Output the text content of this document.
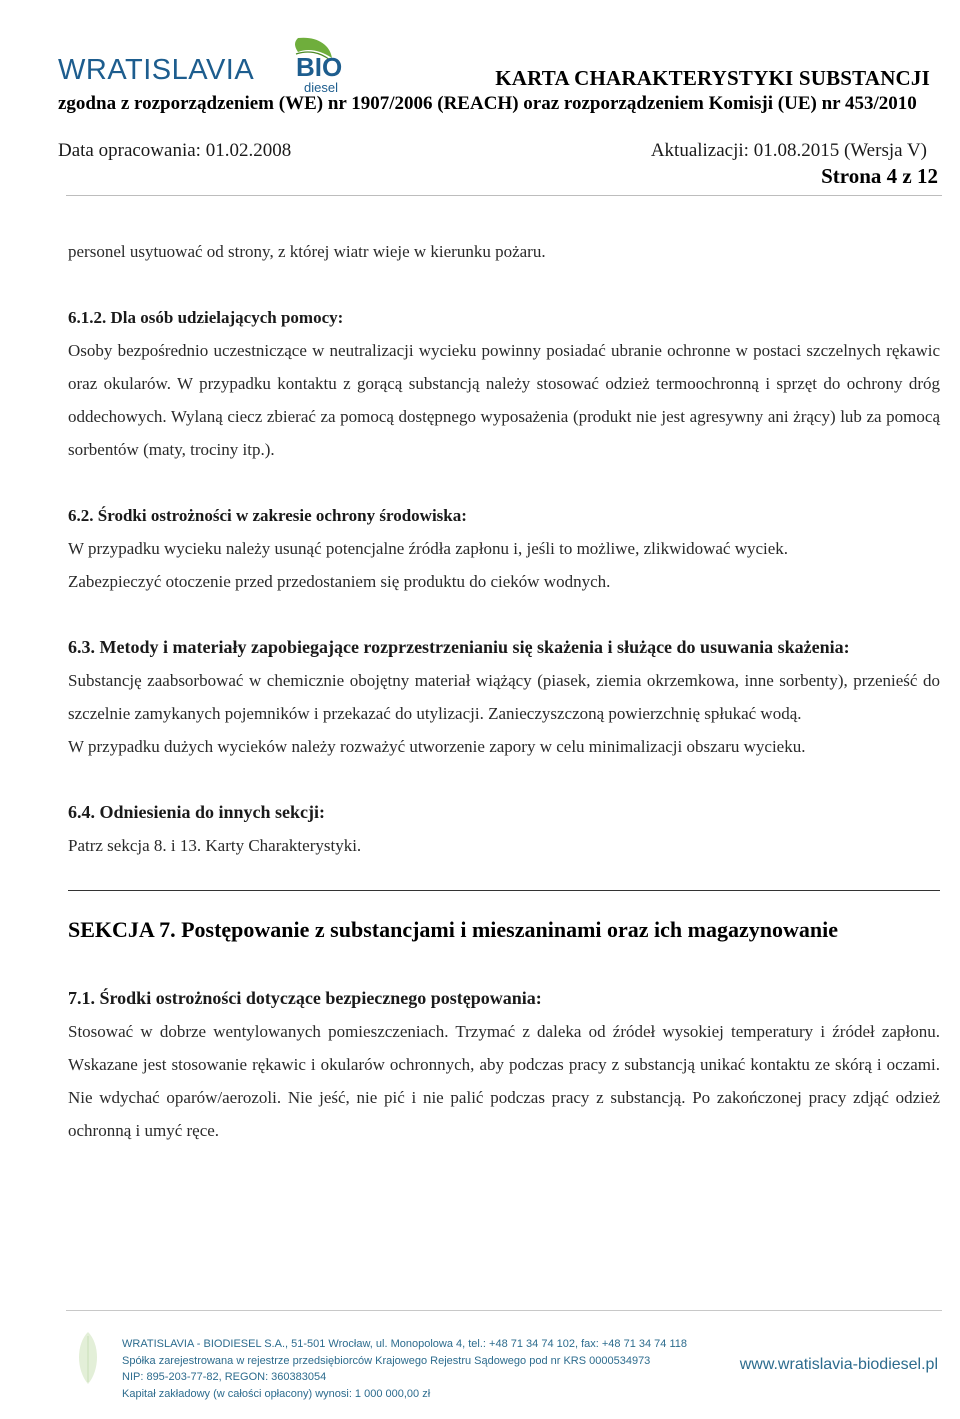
WRATISLAVIA BIO
diesel	KARTA CHARAKTERYSTYKI SUBSTANCJI
zgodna z rozporządzeniem (WE) nr 1907/2006 (REACH) oraz rozporządzeniem Komisji (UE) nr 453/2010
Data opracowania: 01.02.2008	Aktualizacji: 01.08.2015 (Wersja V)
Strona 4 z 12

personel usytuować od strony, z której wiatr wieje w kierunku pożaru.

6.1.2. Dla osób udzielających pomocy:

Osoby bezpośrednio uczestniczące w neutralizacji wycieku powinny posiadać ubranie ochronne w postaci szczelnych rękawic oraz okularów. W przypadku kontaktu z gorącą substancją należy stosować odzież termoochronną i sprzęt do ochrony dróg oddechowych. Wylaną ciecz zbierać za pomocą dostępnego wyposażenia (produkt nie jest agresywny ani żrący) lub za pomocą sorbentów (maty, trociny itp.).

6.2. Środki ostrożności w zakresie ochrony środowiska:

W przypadku wycieku należy usunąć potencjalne źródła zapłonu i, jeśli to możliwe, zlikwidować wyciek.

Zabezpieczyć otoczenie przed przedostaniem się produktu do cieków wodnych.

6.3. Metody i materiały zapobiegające rozprzestrzenianiu się skażenia i służące do usuwania skażenia:

Substancję zaabsorbować w chemicznie obojętny materiał wiążący (piasek, ziemia okrzemkowa, inne sorbenty), przenieść do szczelnie zamykanych pojemników i przekazać do utylizacji. Zanieczyszczoną powierzchnię spłukać wodą.

W przypadku dużych wycieków należy rozważyć utworzenie zapory w celu minimalizacji obszaru wycieku.

6.4. Odniesienia do innych sekcji:

Patrz sekcja 8. i 13. Karty Charakterystyki.

SEKCJA 7. Postępowanie z substancjami i mieszaninami oraz ich magazynowanie

7.1. Środki ostrożności dotyczące bezpiecznego postępowania:

Stosować w dobrze wentylowanych pomieszczeniach. Trzymać z daleka od źródeł wysokiej temperatury i źródeł zapłonu. Wskazane jest stosowanie rękawic i okularów ochronnych, aby podczas pracy z substancją unikać kontaktu ze skórą i oczami. Nie wdychać oparów/aerozoli. Nie jeść, nie pić i nie palić podczas pracy z substancją. Po zakończonej pracy zdjąć odzież ochronną i umyć ręce.

WRATISLAVIA - BIODIESEL S.A., 51-501 Wrocław, ul. Monopolowa 4, tel.: +48 71 34 74 102, fax: +48 71 34 74 118
Spółka zarejestrowana w rejestrze przedsiębiorców Krajowego Rejestru Sądowego pod nr KRS 0000534973
NIP: 895-203-77-82, REGON: 360383054
Kapitał zakładowy (w całości opłacony) wynosi: 1 000 000,00 zł
www.wratislavia-biodiesel.pl
